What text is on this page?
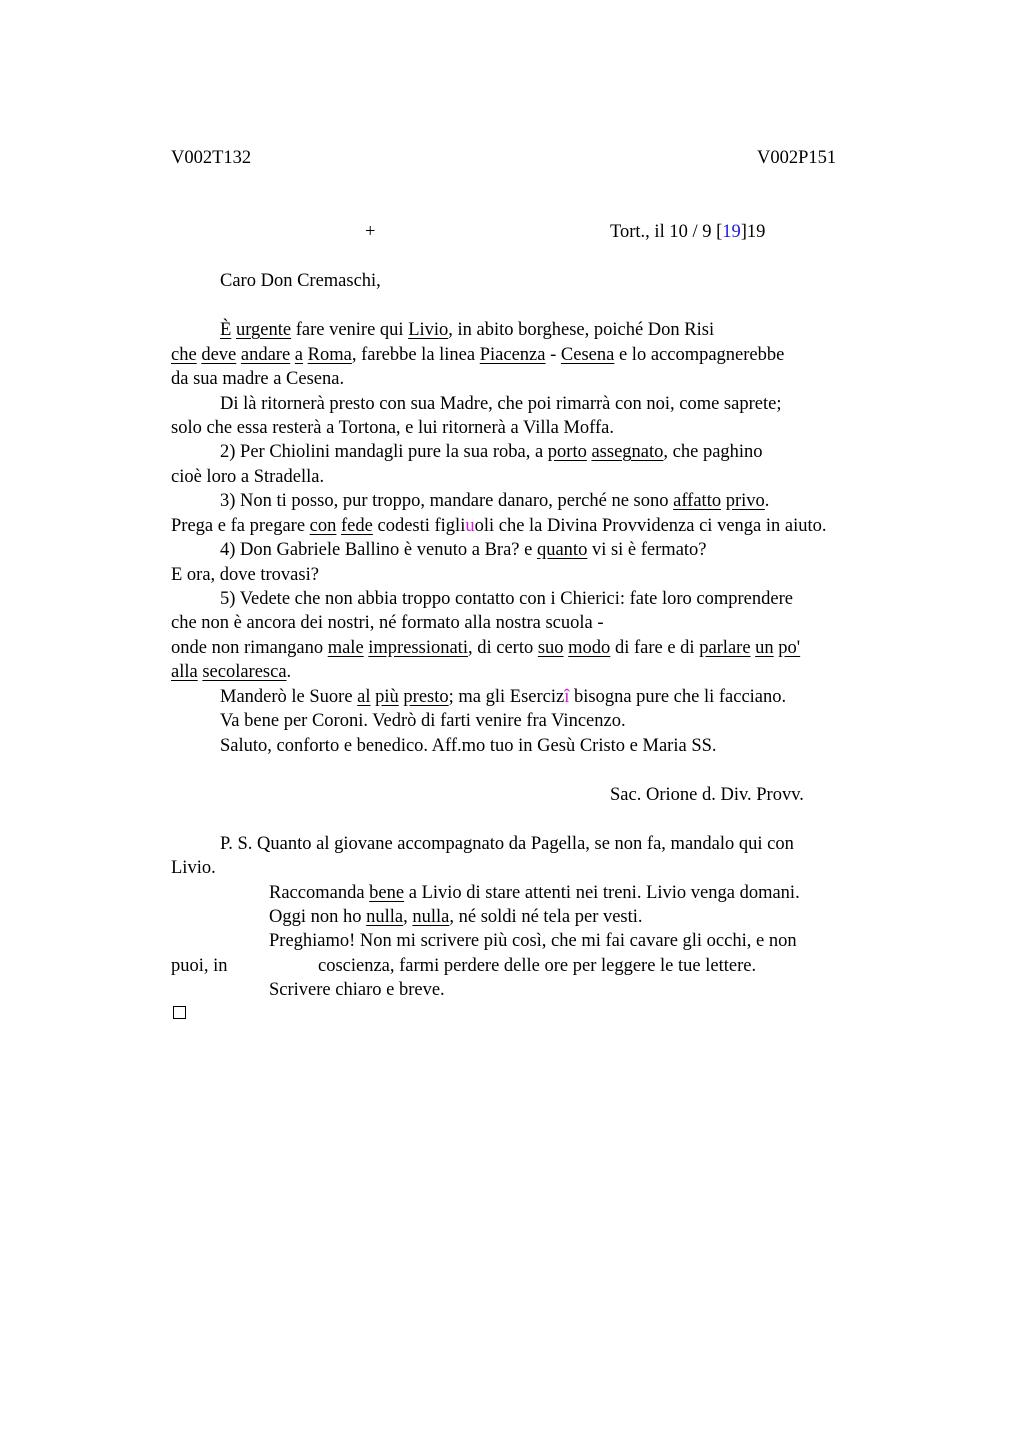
V002T132	V002P151
+	Tort., il 10 / 9 [19]19
Caro Don Cremaschi,
È urgente fare venire qui Livio, in abito borghese, poiché Don Risi
che deve andare a Roma, farebbe la linea Piacenza - Cesena e lo accompagnerebbe
da sua madre a Cesena.
Di là ritornerà presto con sua Madre, che poi rimarrà con noi, come saprete;
solo che essa resterà a Tortona, e lui ritornerà a Villa Moffa.
2) Per Chiolini mandagli pure la sua roba, a porto assegnato, che paghino
cioè loro a Stradella.
3) Non ti posso, pur troppo, mandare danaro, perché ne sono affatto privo.
Prega e fa pregare con fede codesti figliuoli che la Divina Provvidenza ci venga in aiuto.
4) Don Gabriele Ballino è venuto a Bra? e quanto vi si è fermato?
E ora, dove trovasi?
5) Vedete che non abbia troppo contatto con i Chierici: fate loro comprendere
che non è ancora dei nostri, né formato alla nostra scuola -
onde non rimangano male impressionati, di certo suo modo di fare e di parlare un po'
alla secolaresca.
Manderò le Suore al più presto; ma gli Esercizî bisogna pure che li facciano.
Va bene per Coroni. Vedrò di farti venire fra Vincenzo.
Saluto, conforto e benedico. Aff.mo tuo in Gesù Cristo e Maria SS.
Sac. Orione d. Div. Provv.
P. S. Quanto al giovane accompagnato da Pagella, se non fa, mandalo qui con
Livio.
Raccomanda bene a Livio di stare attenti nei treni. Livio venga domani.
Oggi non ho nulla, nulla, né soldi né tela per vesti.
Preghiamo! Non mi scrivere più così, che mi fai cavare gli occhi, e non
puoi, in	coscienza, farmi perdere delle ore per leggere le tue lettere.
Scrivere chiaro e breve.
